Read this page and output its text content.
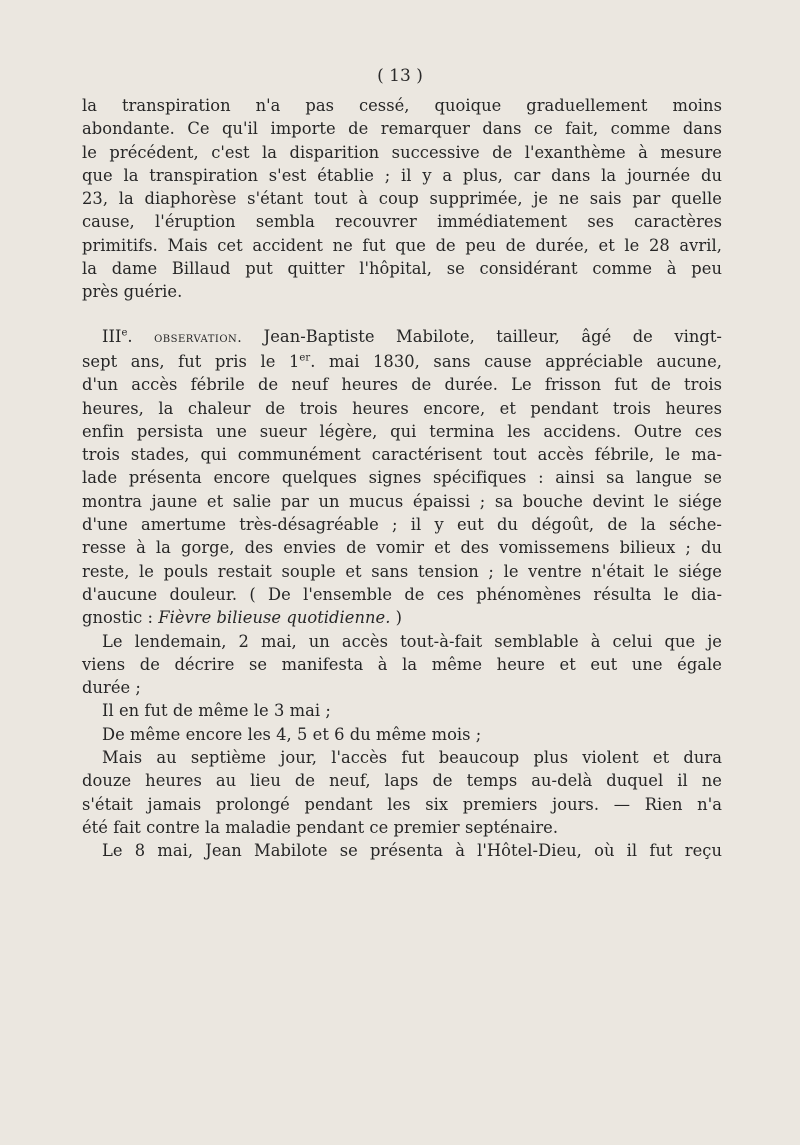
( 13 )
la transpiration n'a pas cessé, quoique graduellement moins
abondante. Ce qu'il importe de remarquer dans ce fait, comme dans
le précédent, c'est la disparition successive de l'exanthème à mesure
que la transpiration s'est établie ; il y a plus, car dans la journée du
23, la diaphorèse s'étant tout à coup supprimée, je ne sais par quelle
cause, l'éruption sembla recouvrer immédiatement ses caractères
primitifs. Mais cet accident ne fut que de peu de durée, et le 28 avril,
la dame Billaud put quitter l'hôpital, se considérant comme à peu
près guérie.
IIIe. observation. Jean-Baptiste Mabilote, tailleur, âgé de vingt-
sept ans, fut pris le 1er. mai 1830, sans cause appréciable aucune,
d'un accès fébrile de neuf heures de durée. Le frisson fut de trois
heures, la chaleur de trois heures encore, et pendant trois heures
enfin persista une sueur légère, qui termina les accidens. Outre ces
trois stades, qui communément caractérisent tout accès fébrile, le ma-
lade présenta encore quelques signes spécifiques : ainsi sa langue se
montra jaune et salie par un mucus épaissi ; sa bouche devint le siége
d'une amertume très-désagréable ; il y eut du dégoût, de la séche-
resse à la gorge, des envies de vomir et des vomissemens bilieux ; du
reste, le pouls restait souple et sans tension ; le ventre n'était le siége
d'aucune douleur. ( De l'ensemble de ces phénomènes résulta le dia-
gnostic : Fièvre bilieuse quotidienne. )
Le lendemain, 2 mai, un accès tout-à-fait semblable à celui que je
viens de décrire se manifesta à la même heure et eut une égale
durée ;
Il en fut de même le 3 mai ;
De même encore les 4, 5 et 6 du même mois ;
Mais au septième jour, l'accès fut beaucoup plus violent et dura
douze heures au lieu de neuf, laps de temps au-delà duquel il ne
s'était jamais prolongé pendant les six premiers jours. — Rien n'a
été fait contre la maladie pendant ce premier septénaire.
Le 8 mai, Jean Mabilote se présenta à l'Hôtel-Dieu, où il fut reçu
